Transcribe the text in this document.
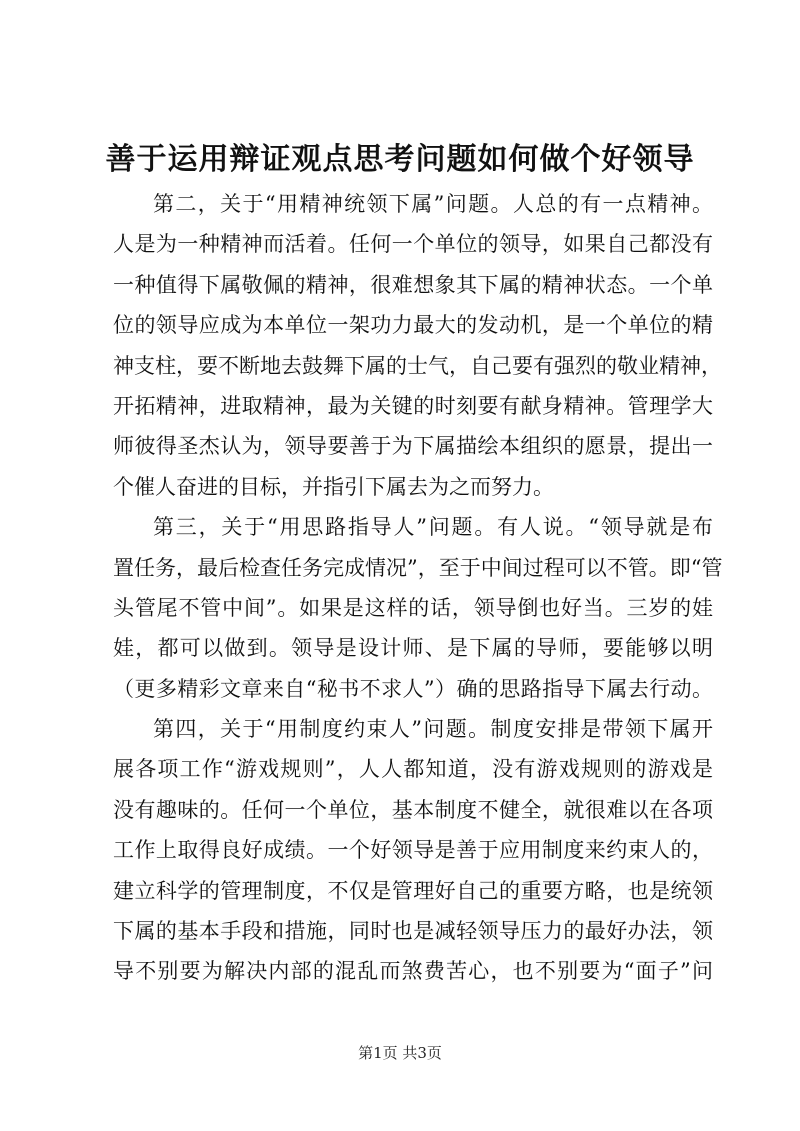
善于运用辩证观点思考问题如何做个好领导
第二，关于“用精神统领下属”问题。人总的有一点精神。
人是为一种精神而活着。任何一个单位的领导，如果自己都没有
一种值得下属敬佩的精神，很难想象其下属的精神状态。一个单
位的领导应成为本单位一架功力最大的发动机，是一个单位的精
神支柱，要不断地去鼓舞下属的士气，自己要有强烈的敬业精神，
开拓精神，进取精神，最为关键的时刻要有献身精神。管理学大
师彼得圣杰认为，领导要善于为下属描绘本组织的愿景，提出一
个催人奋进的目标，并指引下属去为之而努力。
第三，关于“用思路指导人”问题。有人说。“领导就是布
置任务，最后检查任务完成情况”，至于中间过程可以不管。即“管
头管尾不管中间”。如果是这样的话，领导倒也好当。三岁的娃
娃，都可以做到。领导是设计师、是下属的导师，要能够以明
（更多精彩文章来自“秘书不求人”）确的思路指导下属去行动。
第四，关于“用制度约束人”问题。制度安排是带领下属开
展各项工作“游戏规则”，人人都知道，没有游戏规则的游戏是
没有趣味的。任何一个单位，基本制度不健全，就很难以在各项
工作上取得良好成绩。一个好领导是善于应用制度来约束人的，
建立科学的管理制度，不仅是管理好自己的重要方略，也是统领
下属的基本手段和措施，同时也是减轻领导压力的最好办法，领
导不别要为解决内部的混乱而煞费苦心，也不别要为“面子”问
第1页 共3页
